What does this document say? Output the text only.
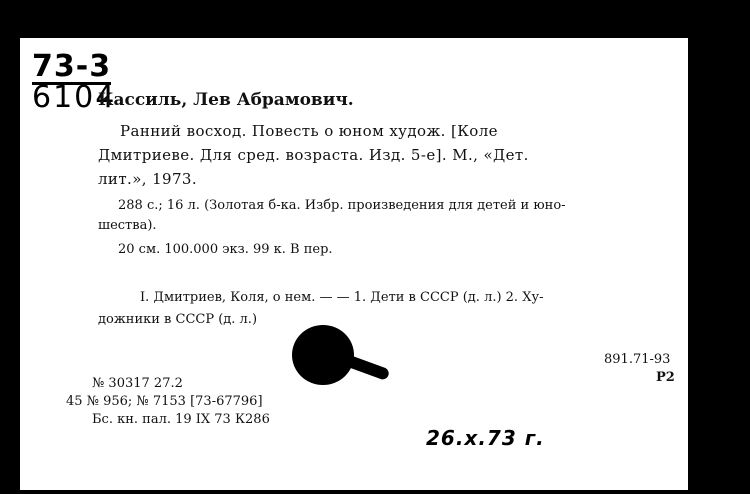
73-3
6104
Кассиль, Лев Абрамович.
Ранний восход. Повесть о юном худож. [Коле
Дмитриеве. Для сред. возраста. Изд. 5-е]. М., «Дет.
лит.», 1973.
288 с.; 16 л. (Золотая б-ка. Избр. произведения для детей и юно-
шества).
20 см. 100.000 экз. 99 к. В пер.
I. Дмитриев, Коля, о нем. — — 1. Дети в СССР (д. л.) 2. Ху-
дожники в СССР (д. л.)
891.71-93
Р2
№ 30317 27.2
45 № 956; № 7153 [73-67796]
Бс. кн. пал. 19 IX 73 К286
26.x.73 г.
